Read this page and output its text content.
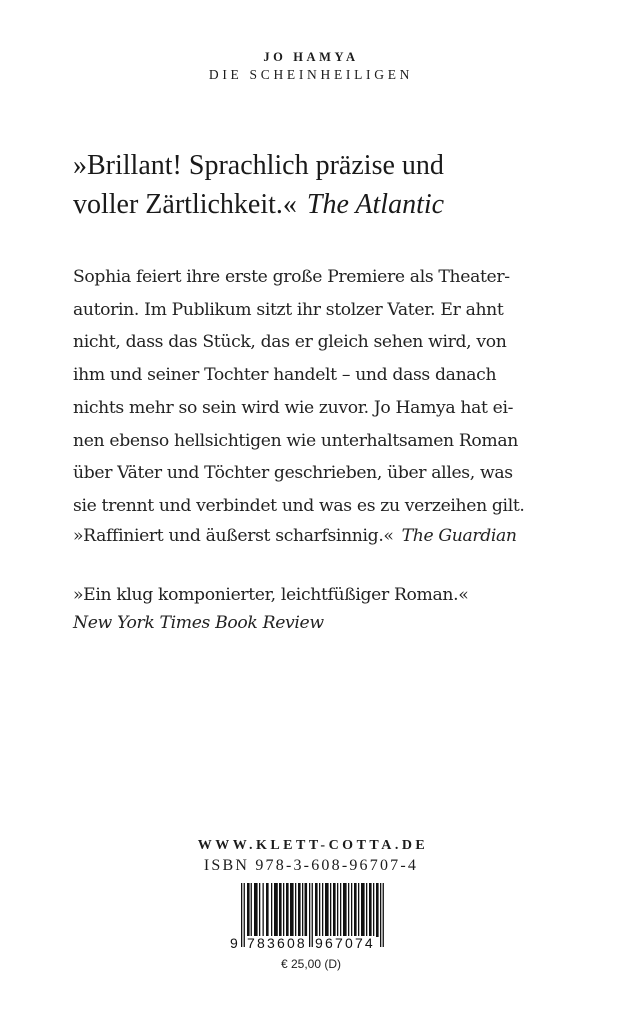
JO HAMYA
DIE SCHEINHEILIGEN
»Brillant! Sprachlich präzise und
voller Zärtlichkeit.« The Atlantic
Sophia feiert ihre erste große Premiere als Theater-
autorin. Im Publikum sitzt ihr stolzer Vater. Er ahnt
nicht, dass das Stück, das er gleich sehen wird, von
ihm und seiner Tochter handelt – und dass danach
nichts mehr so sein wird wie zuvor. Jo Hamya hat ei-
nen ebenso hellsichtigen wie unterhaltsamen Roman
über Väter und Töchter geschrieben, über alles, was
sie trennt und verbindet und was es zu verzeihen gilt.
»Raffiniert und äußerst scharfsinnig.« The Guardian
»Ein klug komponierter, leichtfüßiger Roman.«
New York Times Book Review
WWW.KLETT-COTTA.DE
ISBN 978-3-608-96707-4
9 783608 967074
€ 25,00 (D)
